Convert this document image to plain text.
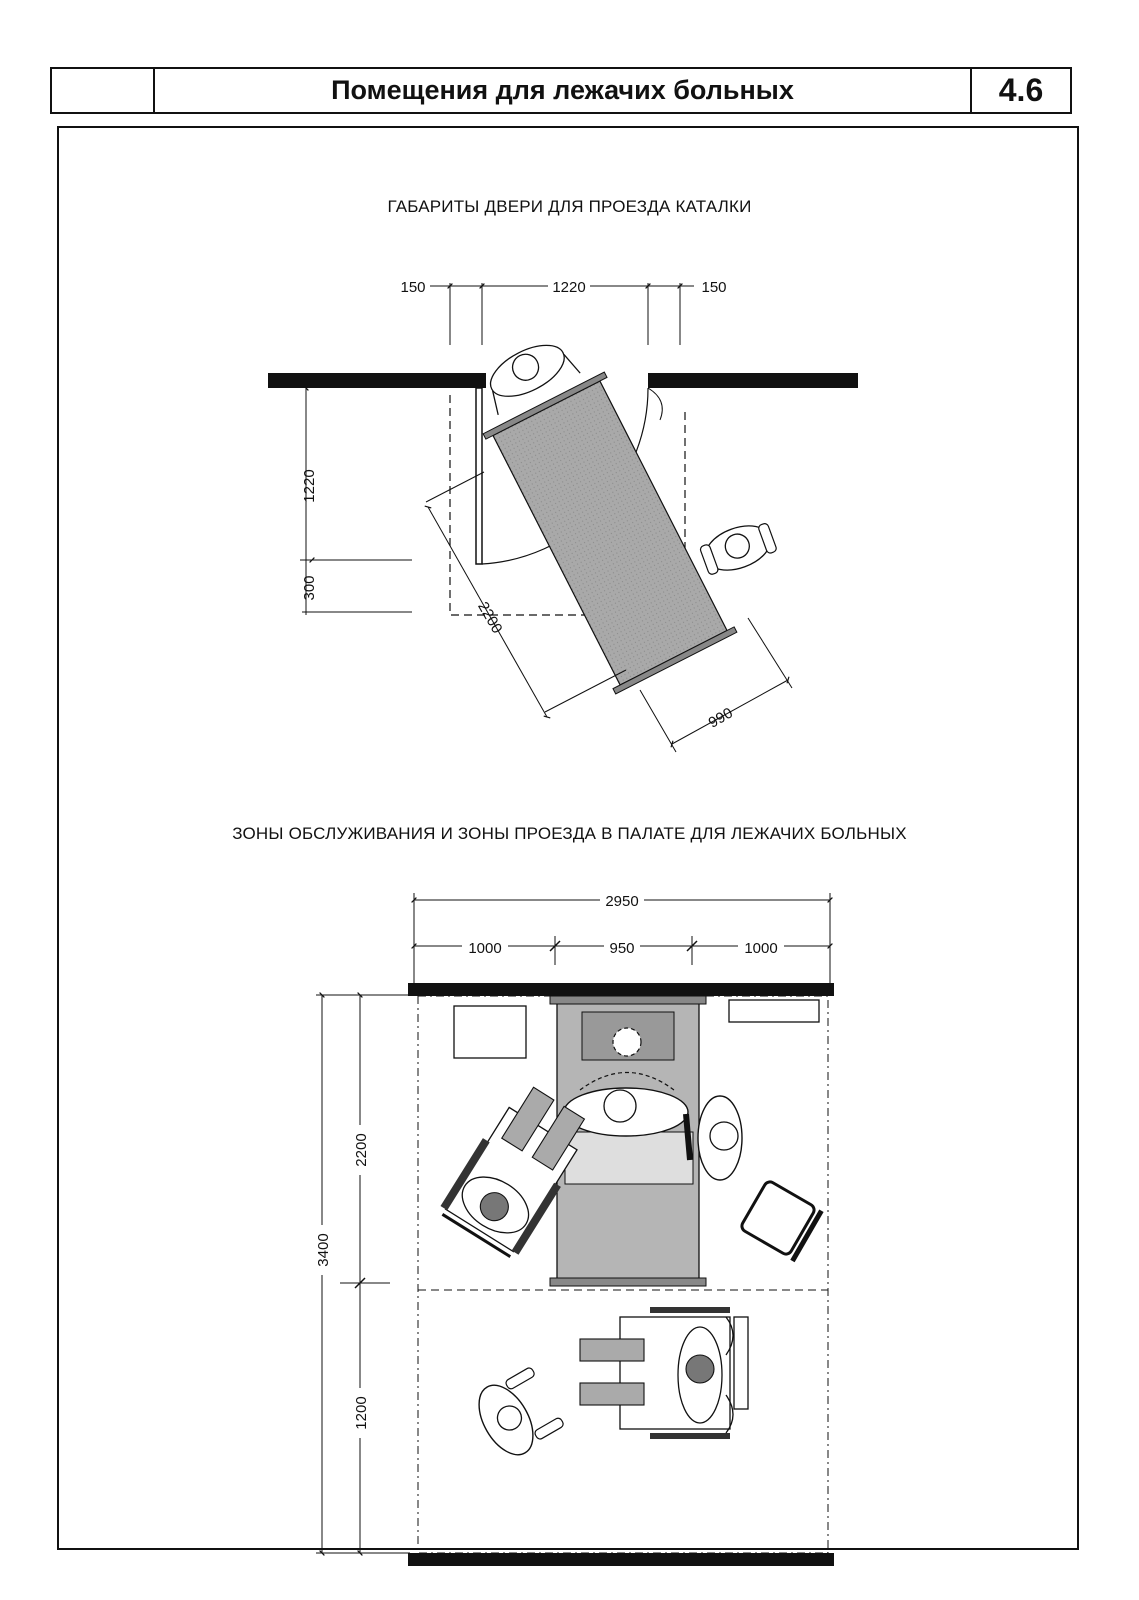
Помещения для лежачих больных	4.6
ГАБАРИТЫ ДВЕРИ ДЛЯ ПРОЕЗДА КАТАЛКИ
ЗОНЫ ОБСЛУЖИВАНИЯ И ЗОНЫ ПРОЕЗДА В ПАЛАТЕ ДЛЯ ЛЕЖАЧИХ БОЛЬНЫХ
150	1220	150
1220
300
2200
990
2950
1000	950	1000
3400
2200
1200
